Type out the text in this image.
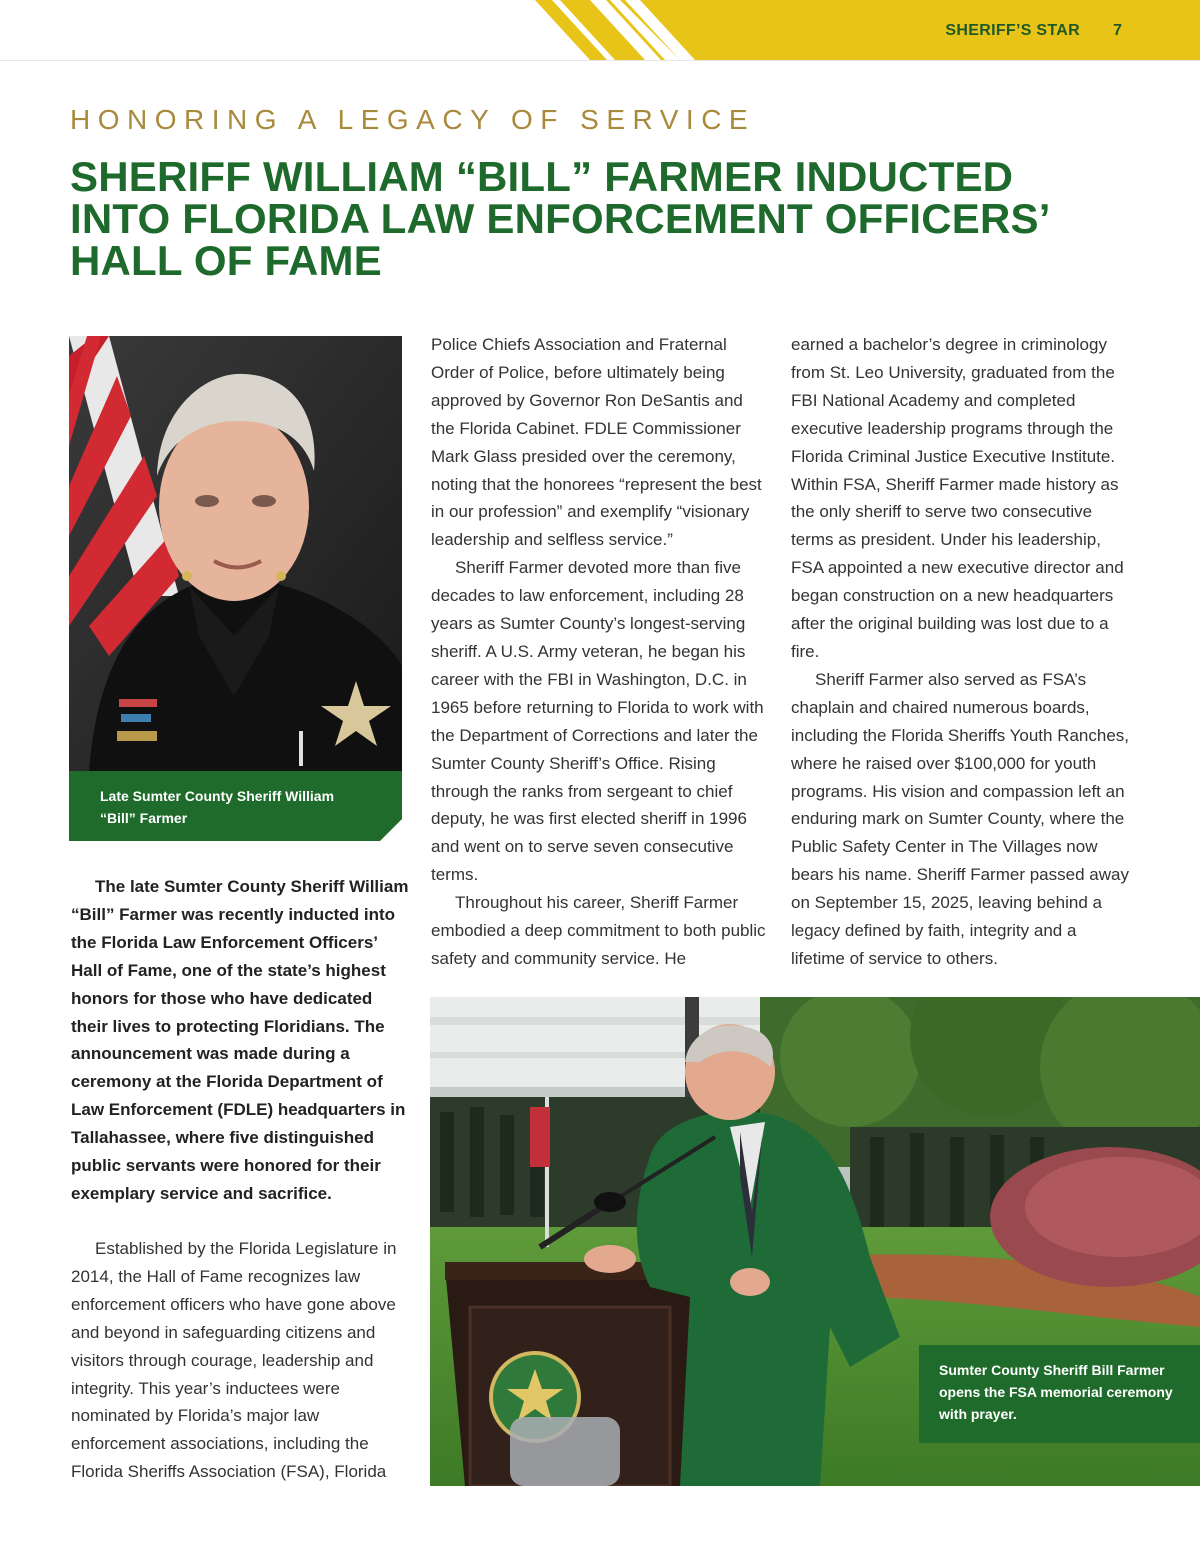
SHERIFF’S STAR 7
HONORING A LEGACY OF SERVICE
SHERIFF WILLIAM “BILL” FARMER INDUCTED
INTO FLORIDA LAW ENFORCEMENT OFFICERS’
HALL OF FAME
Late Sumter County Sheriff William “Bill” Farmer

The late Sumter County Sheriff William “Bill” Farmer was recently inducted into the Florida Law Enforcement Officers’ Hall of Fame, one of the state’s highest honors for those who have dedicated their lives to protecting Floridians. The announcement was made during a ceremony at the Florida Department of Law Enforcement (FDLE) headquarters in Tallahassee, where five distinguished public servants were honored for their exemplary service and sacrifice.

Established by the Florida Legislature in 2014, the Hall of Fame recognizes law enforcement officers who have gone above and beyond in safeguarding citizens and visitors through courage, leadership and integrity. This year’s inductees were nominated by Florida’s major law enforcement associations, including the Florida Sheriffs Association (FSA), Florida

Police Chiefs Association and Fraternal Order of Police, before ultimately being approved by Governor Ron DeSantis and the Florida Cabinet. FDLE Commissioner Mark Glass presided over the ceremony, noting that the honorees “represent the best in our profession” and exemplify “visionary leadership and selfless service.”

Sheriff Farmer devoted more than five decades to law enforcement, including 28 years as Sumter County’s longest-serving sheriff. A U.S. Army veteran, he began his career with the FBI in Washington, D.C. in 1965 before returning to Florida to work with the Department of Corrections and later the Sumter County Sheriff’s Office. Rising through the ranks from sergeant to chief deputy, he was first elected sheriff in 1996 and went on to serve seven consecutive terms.

Throughout his career, Sheriff Farmer embodied a deep commitment to both public safety and community service. He

earned a bachelor’s degree in criminology from St. Leo University, graduated from the FBI National Academy and completed executive leadership programs through the Florida Criminal Justice Executive Institute. Within FSA, Sheriff Farmer made history as the only sheriff to serve two consecutive terms as president. Under his leadership, FSA appointed a new executive director and began construction on a new headquarters after the original building was lost due to a fire.

Sheriff Farmer also served as FSA’s chaplain and chaired numerous boards, including the Florida Sheriffs Youth Ranches, where he raised over $100,000 for youth programs. His vision and compassion left an enduring mark on Sumter County, where the Public Safety Center in The Villages now bears his name. Sheriff Farmer passed away on September 15, 2025, leaving behind a legacy defined by faith, integrity and a lifetime of service to others.

Sumter County Sheriff Bill Farmer opens the FSA memorial ceremony with prayer.
